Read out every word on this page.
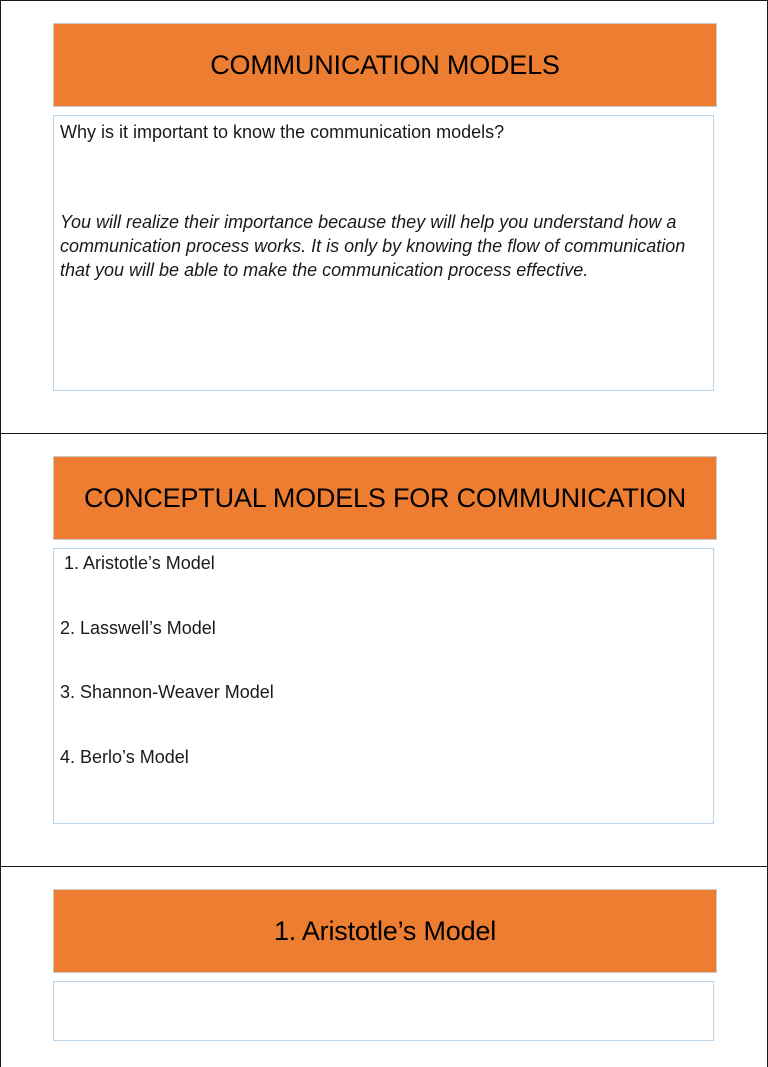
COMMUNICATION MODELS

Why is it important to know the communication models?

You will realize their importance because they will help you understand how a communication process works. It is only by knowing the flow of communication that you will be able to make the communication process effective.

CONCEPTUAL MODELS FOR COMMUNICATION
1. Aristotle’s Model
2. Lasswell’s Model
3. Shannon-Weaver Model
4. Berlo’s Model
1. Aristotle’s Model
